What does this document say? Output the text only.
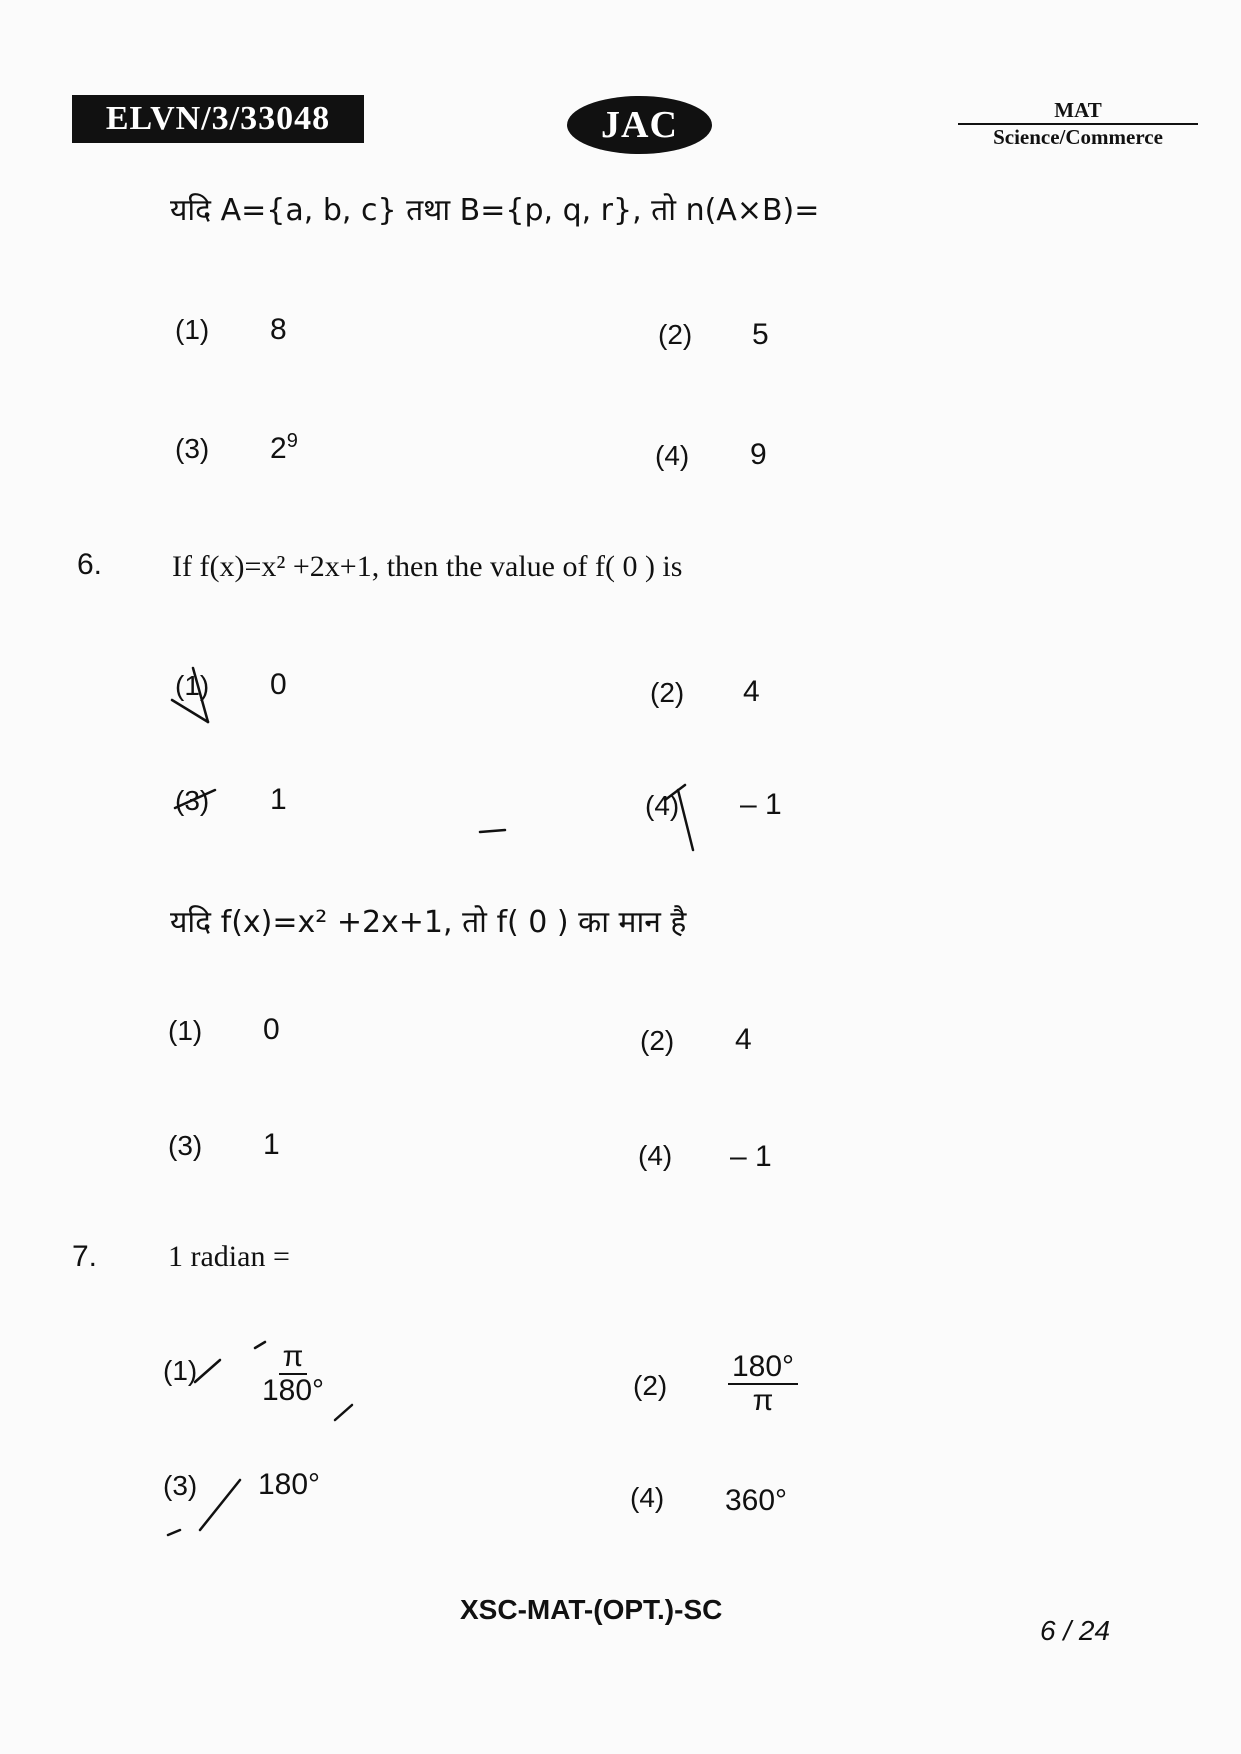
ELVN/3/33048	JAC	MAT
Science/Commerce
यदि A={a, b, c} तथा B={p, q, r}, तो n(A×B)=
(1) 8	(2) 5
(3) $2^9$	(4) 9
6. If f(x)=x² +2x+1, then the value of f( 0 ) is
(1) 0	(2) 4
(3) 1	(4) – 1
यदि f(x)=x² +2x+1, तो f( 0 ) का मान है
(1) 0	(2) 4
(3) 1	(4) – 1
7. 1 radian =
$(1) \frac{\pi}{180^\circ}$	$(2) \frac{180^\circ}{\pi}$
(3) 180°	(4) 360°
XSC-MAT-(OPT.)-SC
6 / 24
